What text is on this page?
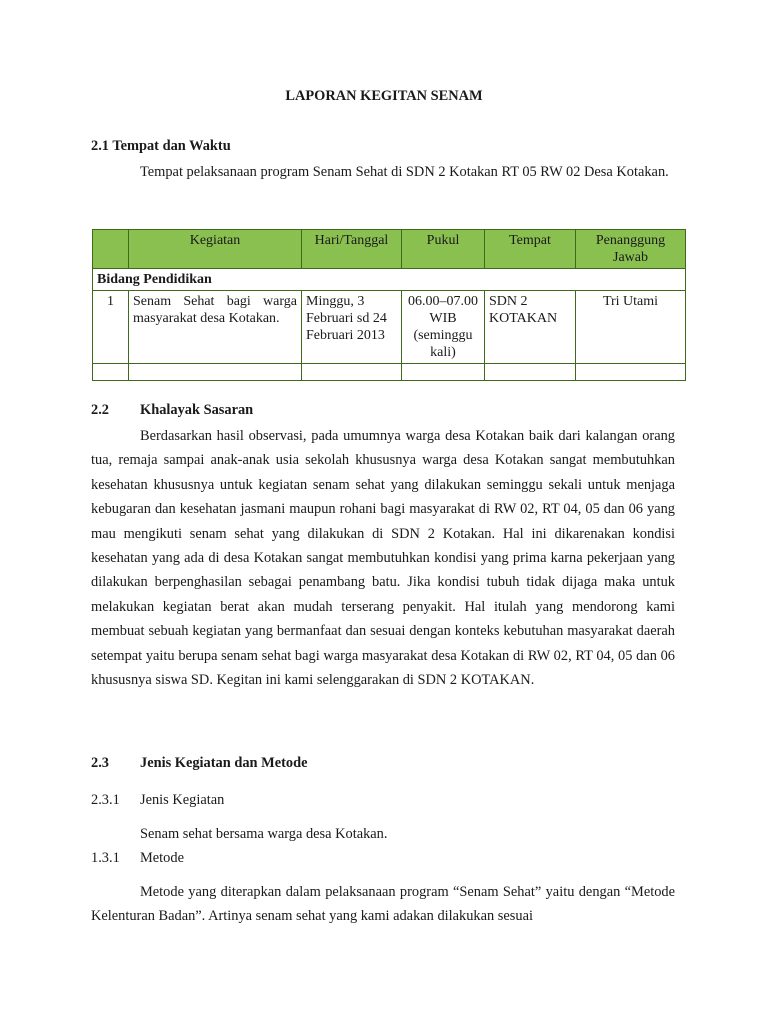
LAPORAN KEGITAN SENAM

2.1 Tempat dan Waktu

Tempat pelaksanaan program Senam Sehat di SDN 2 Kotakan RT 05 RW 02 Desa Kotakan.

	Kegiatan	Hari/Tanggal	Pukul	Tempat	Penanggung Jawab
Bidang Pendidikan					
1	Senam Sehat bagi warga masyarakat desa Kotakan.	Minggu, 3 Februari sd 24 Februari 2013	06.00–07.00 WIB (seminggu kali)	SDN 2 KOTAKAN	Tri Utami

2.2 Khalayak Sasaran

Berdasarkan hasil observasi, pada umumnya warga desa Kotakan baik dari kalangan orang tua, remaja sampai anak-anak usia sekolah khususnya warga desa Kotakan sangat membutuhkan kesehatan khususnya untuk kegiatan senam sehat yang dilakukan seminggu sekali untuk menjaga kebugaran dan kesehatan jasmani maupun rohani bagi masyarakat di RW 02, RT 04, 05 dan 06 yang mau mengikuti senam sehat yang dilakukan di SDN 2 Kotakan. Hal ini dikarenakan kondisi kesehatan yang ada di desa Kotakan sangat membutuhkan kondisi yang prima karna pekerjaan yang dilakukan berpenghasilan sebagai penambang batu. Jika kondisi tubuh tidak dijaga maka untuk melakukan kegiatan berat akan mudah terserang penyakit. Hal itulah yang mendorong kami membuat sebuah kegiatan yang bermanfaat dan sesuai dengan konteks kebutuhan masyarakat daerah setempat yaitu berupa senam sehat bagi warga masyarakat desa Kotakan di RW 02, RT 04, 05 dan 06 khususnya siswa SD. Kegitan ini kami selenggarakan di SDN 2 KOTAKAN.

2.3 Jenis Kegiatan dan Metode

2.3.1 Jenis Kegiatan

Senam sehat bersama warga desa Kotakan.

1.3.1 Metode

Metode yang diterapkan dalam pelaksanaan program “Senam Sehat” yaitu dengan “Metode Kelenturan Badan”. Artinya senam sehat yang kami adakan dilakukan sesuai
